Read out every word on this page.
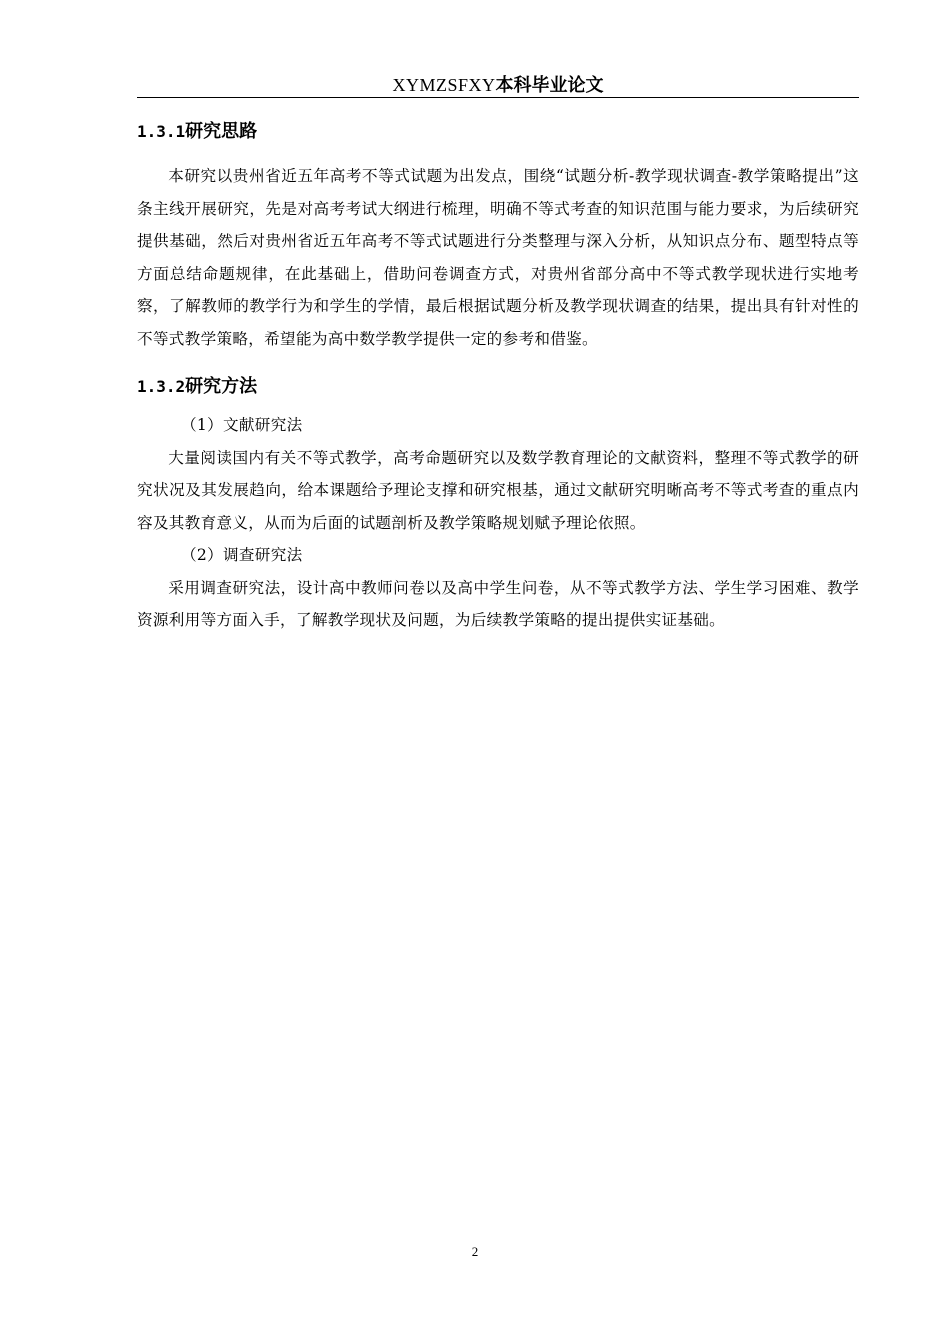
XYMZSFXY本科毕业论文
1.3.1研究思路

本研究以贵州省近五年高考不等式试题为出发点，围绕“试题分析-教学现状调查-教学策略提出”这条主线开展研究，先是对高考考试大纲进行梳理，明确不等式考查的知识范围与能力要求，为后续研究提供基础，然后对贵州省近五年高考不等式试题进行分类整理与深入分析，从知识点分布、题型特点等方面总结命题规律，在此基础上，借助问卷调查方式，对贵州省部分高中不等式教学现状进行实地考察，了解教师的教学行为和学生的学情，最后根据试题分析及教学现状调查的结果，提出具有针对性的不等式教学策略，希望能为高中数学教学提供一定的参考和借鉴。

1.3.2研究方法

（1）文献研究法

大量阅读国内有关不等式教学，高考命题研究以及数学教育理论的文献资料，整理不等式教学的研究状况及其发展趋向，给本课题给予理论支撑和研究根基，通过文献研究明晰高考不等式考查的重点内容及其教育意义，从而为后面的试题剖析及教学策略规划赋予理论依照。

（2）调查研究法

采用调查研究法，设计高中教师问卷以及高中学生问卷，从不等式教学方法、学生学习困难、教学资源利用等方面入手，了解教学现状及问题，为后续教学策略的提出提供实证基础。

2
